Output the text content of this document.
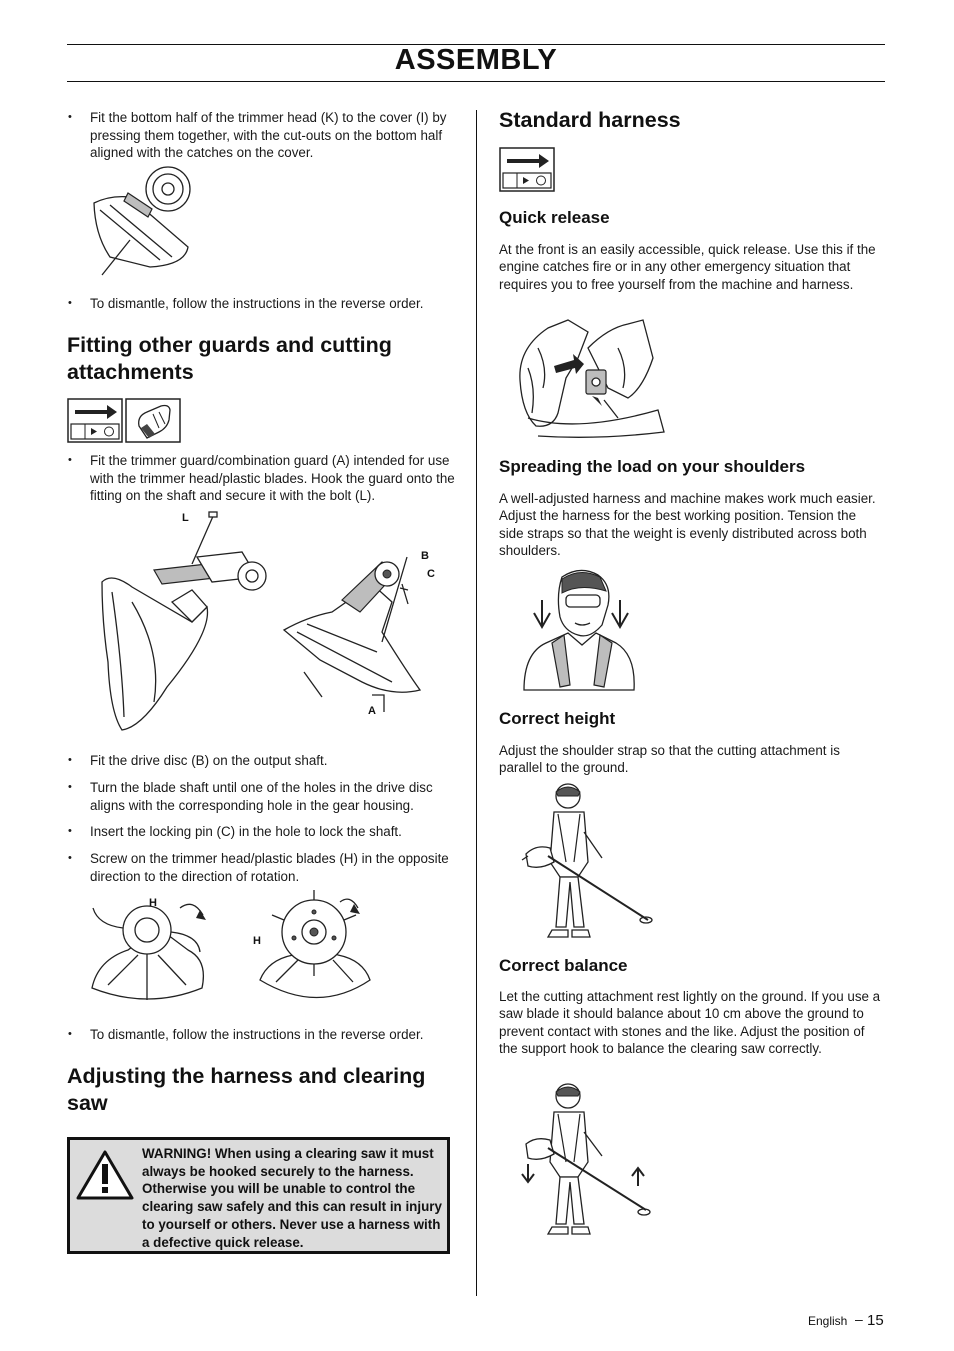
ASSEMBLY
• Fit the bottom half of the trimmer head (K) to the cover (I) by pressing them together, with the cut-outs on the bottom half aligned with the catches on the cover.
• To dismantle, follow the instructions in the reverse order.
Fitting other guards and cutting attachments
• Fit the trimmer guard/combination guard (A) intended for use with the trimmer head/plastic blades. Hook the guard onto the fitting on the shaft and secure it with the bolt (L).
L
B
C
A
• Fit the drive disc (B) on the output shaft.
• Turn the blade shaft until one of the holes in the drive disc aligns with the corresponding hole in the gear housing.
• Insert the locking pin (C) in the hole to lock the shaft.
• Screw on the trimmer head/plastic blades (H) in the opposite direction to the direction of rotation.
H
H
• To dismantle, follow the instructions in the reverse order.
Adjusting the harness and clearing saw
WARNING! When using a clearing saw it must always be hooked securely to the harness. Otherwise you will be unable to control the clearing saw safely and this can result in injury to yourself or others. Never use a harness with a defective quick release.
Standard harness
Quick release
At the front is an easily accessible, quick release. Use this if the engine catches fire or in any other emergency situation that requires you to free yourself from the machine and harness.
Spreading the load on your shoulders
A well-adjusted harness and machine makes work much easier. Adjust the harness for the best working position. Tension the side straps so that the weight is evenly distributed across both shoulders.
Correct height
Adjust the shoulder strap so that the cutting attachment is parallel to the ground.
Correct balance
Let the cutting attachment rest lightly on the ground. If you use a saw blade it should balance about 10 cm above the ground to prevent contact with stones and the like. Adjust the position of the support hook to balance the clearing saw correctly.
English – 15
